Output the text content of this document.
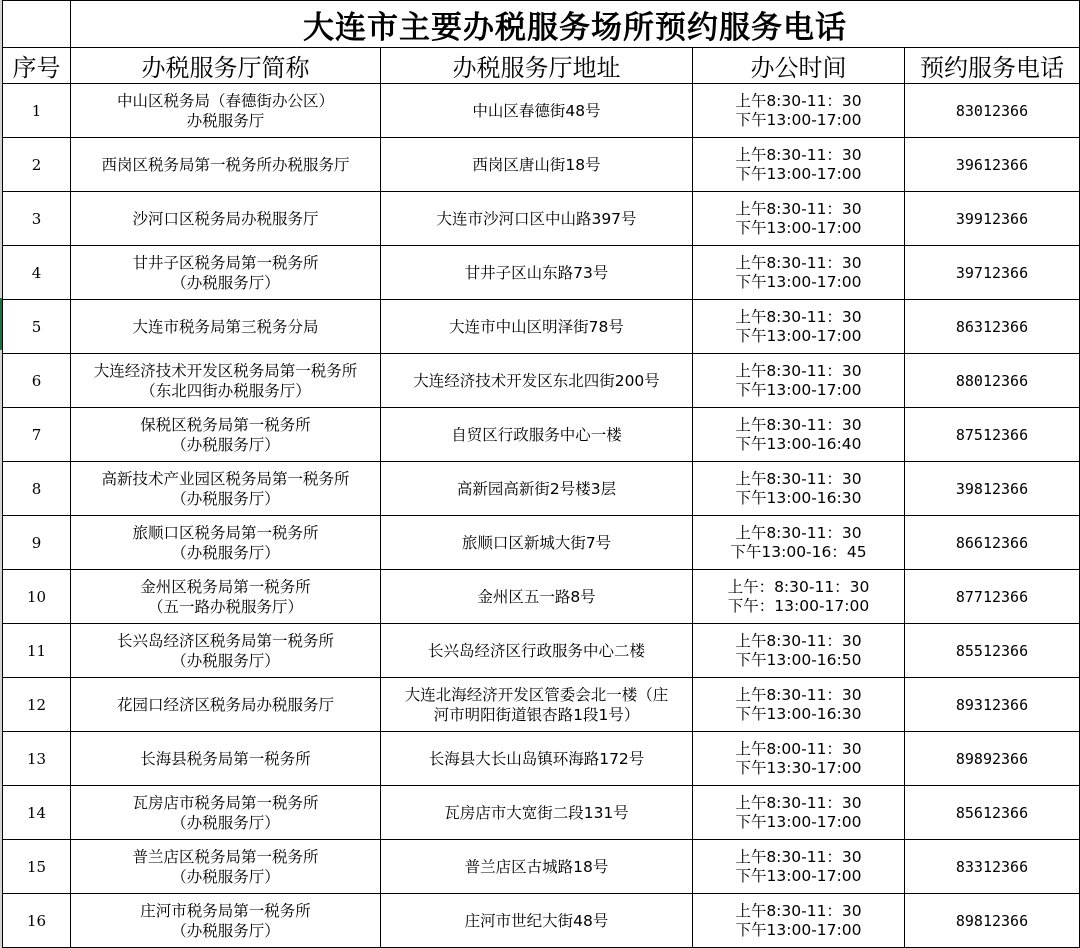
	大连市主要办税服务场所预约服务电话			
序号	办税服务厅简称	办税服务厅地址	办公时间	预约服务电话
1	中山区税务局（春德街办公区）
办税服务厅	中山区春德街48号	上午8:30-11：30
下午13:00-17:00	83012366
2	西岗区税务局第一税务所办税服务厅	西岗区唐山街18号	上午8:30-11：30
下午13:00-17:00	39612366
3	沙河口区税务局办税服务厅	大连市沙河口区中山路397号	上午8:30-11：30
下午13:00-17:00	39912366
4	甘井子区税务局第一税务所
（办税服务厅）	甘井子区山东路73号	上午8:30-11：30
下午13:00-17:00	39712366
5	大连市税务局第三税务分局	大连市中山区明泽街78号	上午8:30-11：30
下午13:00-17:00	86312366
6	大连经济技术开发区税务局第一税务所
（东北四街办税服务厅）	大连经济技术开发区东北四街200号	上午8:30-11：30
下午13:00-17:00	88012366
7	保税区税务局第一税务所
（办税服务厅）	自贸区行政服务中心一楼	上午8:30-11：30
下午13:00-16:40	87512366
8	高新技术产业园区税务局第一税务所
（办税服务厅）	高新园高新街2号楼3层	上午8:30-11：30
下午13:00-16:30	39812366
9	旅顺口区税务局第一税务所
（办税服务厅）	旅顺口区新城大街7号	上午8:30-11：30
下午13:00-16：45	86612366
10	金州区税务局第一税务所
（五一路办税服务厅）	金州区五一路8号	上午：8:30-11：30
下午：13:00-17:00	87712366
11	长兴岛经济区税务局第一税务所
（办税服务厅）	长兴岛经济区行政服务中心二楼	上午8:30-11：30
下午13:00-16:50	85512366
12	花园口经济区税务局办税服务厅	大连北海经济开发区管委会北一楼（庄
河市明阳街道银杏路1段1号）	上午8:30-11：30
下午13:00-16:30	89312366
13	长海县税务局第一税务所	长海县大长山岛镇环海路172号	上午8:00-11：30
下午13:30-17:00	89892366
14	瓦房店市税务局第一税务所
（办税服务厅）	瓦房店市大宽街二段131号	上午8:30-11：30
下午13:00-17:00	85612366
15	普兰店区税务局第一税务所
（办税服务厅）	普兰店区古城路18号	上午8:30-11：30
下午13:00-17:00	83312366
16	庄河市税务局第一税务所
（办税服务厅）	庄河市世纪大街48号	上午8:30-11：30
下午13:00-17:00	89812366
